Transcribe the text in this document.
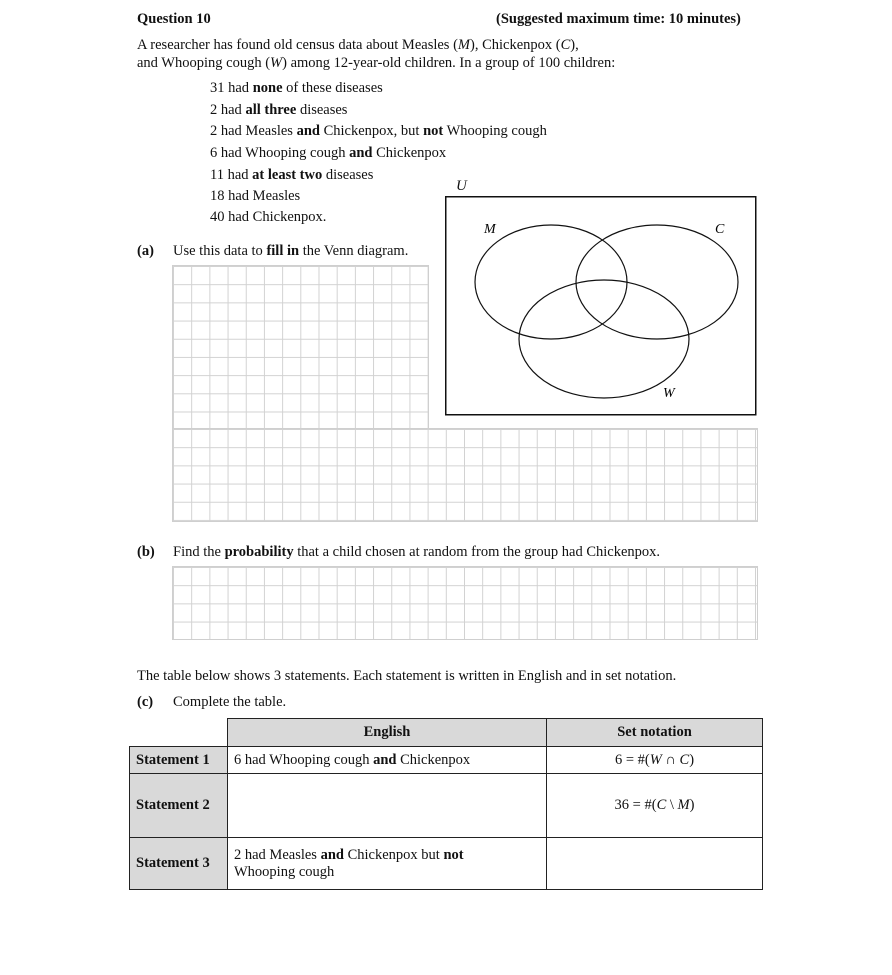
Question 10	(Suggested maximum time: 10 minutes)
A researcher has found old census data about Measles (M), Chickenpox (C),
and Whooping cough (W) among 12-year-old children. In a group of 100 children:
31 had none of these diseases
2 had all three diseases
2 had Measles and Chickenpox, but not Whooping cough
6 had Whooping cough and Chickenpox
11 had at least two diseases
18 had Measles
40 had Chickenpox.
(a) Use this data to fill in the Venn diagram.
U
M	C
W
(b) Find the probability that a child chosen at random from the group had Chickenpox.
The table below shows 3 statements. Each statement is written in English and in set notation.
(c) Complete the table.
	English	Set notation
Statement 1	6 had Whooping cough and Chickenpox	6 = #(W ∩ C)
Statement 2		36 = #(C \ M)
Statement 3	2 had Measles and Chickenpox but not
Whooping cough	
